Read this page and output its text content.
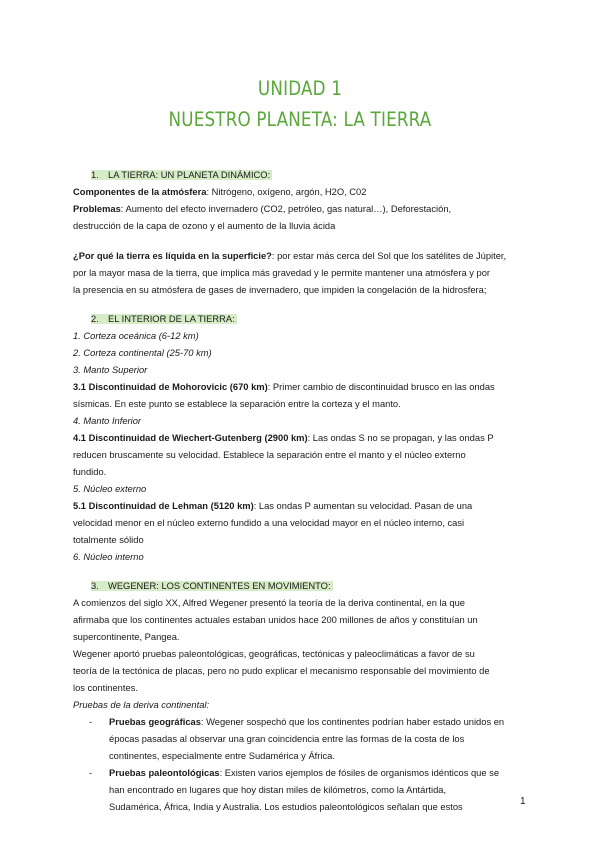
UNIDAD 1
NUESTRO PLANETA: LA TIERRA
1. LA TIERRA: UN PLANETA DINÁMICO:
Componentes de la atmósfera: Nitrógeno, oxígeno, argón, H2O, C02
Problemas: Aumento del efecto invernadero (CO2, petróleo, gas natural…), Deforestación,
destrucción de la capa de ozono y el aumento de la lluvia ácida
¿Por qué la tierra es líquida en la superficie?: por estar más cerca del Sol que los satélites de Júpiter,
por la mayor masa de la tierra, que implica más gravedad y le permite mantener una atmósfera y por
la presencia en su atmósfera de gases de invernadero, que impiden la congelación de la hidrosfera;
2. EL INTERIOR DE LA TIERRA:
1. Corteza oceánica (6-12 km)
2. Corteza continental (25-70 km)
3. Manto Superior
3.1 Discontinuidad de Mohorovicic (670 km): Primer cambio de discontinuidad brusco en las ondas
sísmicas. En este punto se establece la separación entre la corteza y el manto.
4. Manto Inferior
4.1 Discontinuidad de Wiechert-Gutenberg (2900 km): Las ondas S no se propagan, y las ondas P
reducen bruscamente su velocidad. Establece la separación entre el manto y el núcleo externo
fundido.
5. Núcleo externo
5.1 Discontinuidad de Lehman (5120 km): Las ondas P aumentan su velocidad. Pasan de una
velocidad menor en el núcleo externo fundido a una velocidad mayor en el núcleo interno, casi
totalmente sólido
6. Núcleo interno
3. WEGENER: LOS CONTINENTES EN MOVIMIENTO:
A comienzos del siglo XX, Alfred Wegener presentó la teoría de la deriva continental, en la que
afirmaba que los continentes actuales estaban unidos hace 200 millones de años y constituían un
supercontinente, Pangea.
Wegener aportó pruebas paleontológicas, geográficas, tectónicas y paleoclimáticas a favor de su
teoría de la tectónica de placas, pero no pudo explicar el mecanismo responsable del movimiento de
los continentes.
Pruebas de la deriva continental:
- Pruebas geográficas: Wegener sospechó que los continentes podrían haber estado unidos en
épocas pasadas al observar una gran coincidencia entre las formas de la costa de los
continentes, especialmente entre Sudamérica y África.
- Pruebas paleontológicas: Existen varios ejemplos de fósiles de organismos idénticos que se
han encontrado en lugares que hoy distan miles de kilómetros, como la Antártida,
Sudamérica, África, India y Australia. Los estudios paleontológicos señalan que estos	1
